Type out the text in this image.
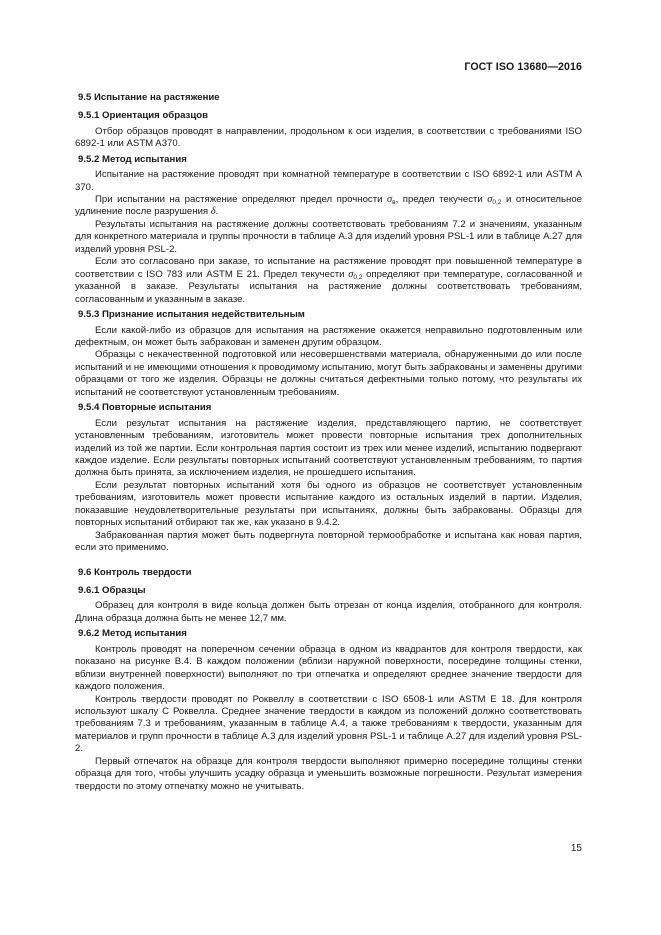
ГОСТ ISO 13680—2016
9.5 Испытание на растяжение
9.5.1 Ориентация образцов

Отбор образцов проводят в направлении, продольном к оси изделия, в соответствии с требованиями ISO 6892-1 или ASTM A370.

9.5.2 Метод испытания

Испытание на растяжение проводят при комнатной температуре в соответствии с ISO 6892-1 или ASTM A 370.

При испытании на растяжение определяют предел прочности $\sigma_в$, предел текучести $\sigma_{0,2}$ и относительное удлинение после разрушения δ.

Результаты испытания на растяжение должны соответствовать требованиям 7.2 и значениям, указанным для конкретного материала и группы прочности в таблице А.3 для изделий уровня PSL-1 или в таблице А.27 для изделий уровня PSL-2.

Если это согласовано при заказе, то испытание на растяжение проводят при повышенной температуре в соответствии с ISO 783 или ASTM E 21. Предел текучести $\sigma_{0,2}$ определяют при температуре, согласованной и указанной в заказе. Результаты испытания на растяжение должны соответствовать требованиям, согласованным и указанным в заказе.

9.5.3 Признание испытания недействительным

Если какой-либо из образцов для испытания на растяжение окажется неправильно подготовленным или дефектным, он может быть забракован и заменен другим образцом.

Образцы с некачественной подготовкой или несовершенствами материала, обнаруженными до или после испытаний и не имеющими отношения к проводимому испытанию, могут быть забракованы и заменены другими образцами от того же изделия. Образцы не должны считаться дефектными только потому, что результаты их испытаний не соответствуют установленным требованиям.

9.5.4 Повторные испытания

Если результат испытания на растяжение изделия, представляющего партию, не соответствует установленным требованиям, изготовитель может провести повторные испытания трех дополнительных изделий из той же партии. Если контрольная партия состоит из трех или менее изделий, испытанию подвергают каждое изделие. Если результаты повторных испытаний соответствуют установленным требованиям, то партия должна быть принята, за исключением изделия, не прошедшего испытания.

Если результат повторных испытаний хотя бы одного из образцов не соответствует установленным требованиям, изготовитель может провести испытание каждого из остальных изделий в партии. Изделия, показавшие неудовлетворительные результаты при испытаниях, должны быть забракованы. Образцы для повторных испытаний отбирают так же, как указано в 9.4.2.

Забракованная партия может быть подвергнута повторной термообработке и испытана как новая партия, если это применимо.

9.6 Контроль твердости
9.6.1 Образцы

Образец для контроля в виде кольца должен быть отрезан от конца изделия, отобранного для контроля. Длина образца должна быть не менее 12,7 мм.

9.6.2 Метод испытания

Контроль проводят на поперечном сечении образца в одном из квадрантов для контроля твердости, как показано на рисунке В.4. В каждом положении (вблизи наружной поверхности, посередине толщины стенки, вблизи внутренней поверхности) выполняют по три отпечатка и определяют среднее значение твердости для каждого положения.

Контроль твердости проводят по Роквеллу в соответствии с ISO 6508-1 или ASTM E 18. Для контроля используют шкалу С Роквелла. Среднее значение твердости в каждом из положений должно соответствовать требованиям 7.3 и требованиям, указанным в таблице А.4, а также требованиям к твердости, указанным для материалов и групп прочности в таблице А.3 для изделий уровня PSL-1 и таблице А.27 для изделий уровня PSL-2.

Первый отпечаток на образце для контроля твердости выполняют примерно посередине толщины стенки образца для того, чтобы улучшить усадку образца и уменьшить возможные погрешности. Результат измерения твердости по этому отпечатку можно не учитывать.

15
